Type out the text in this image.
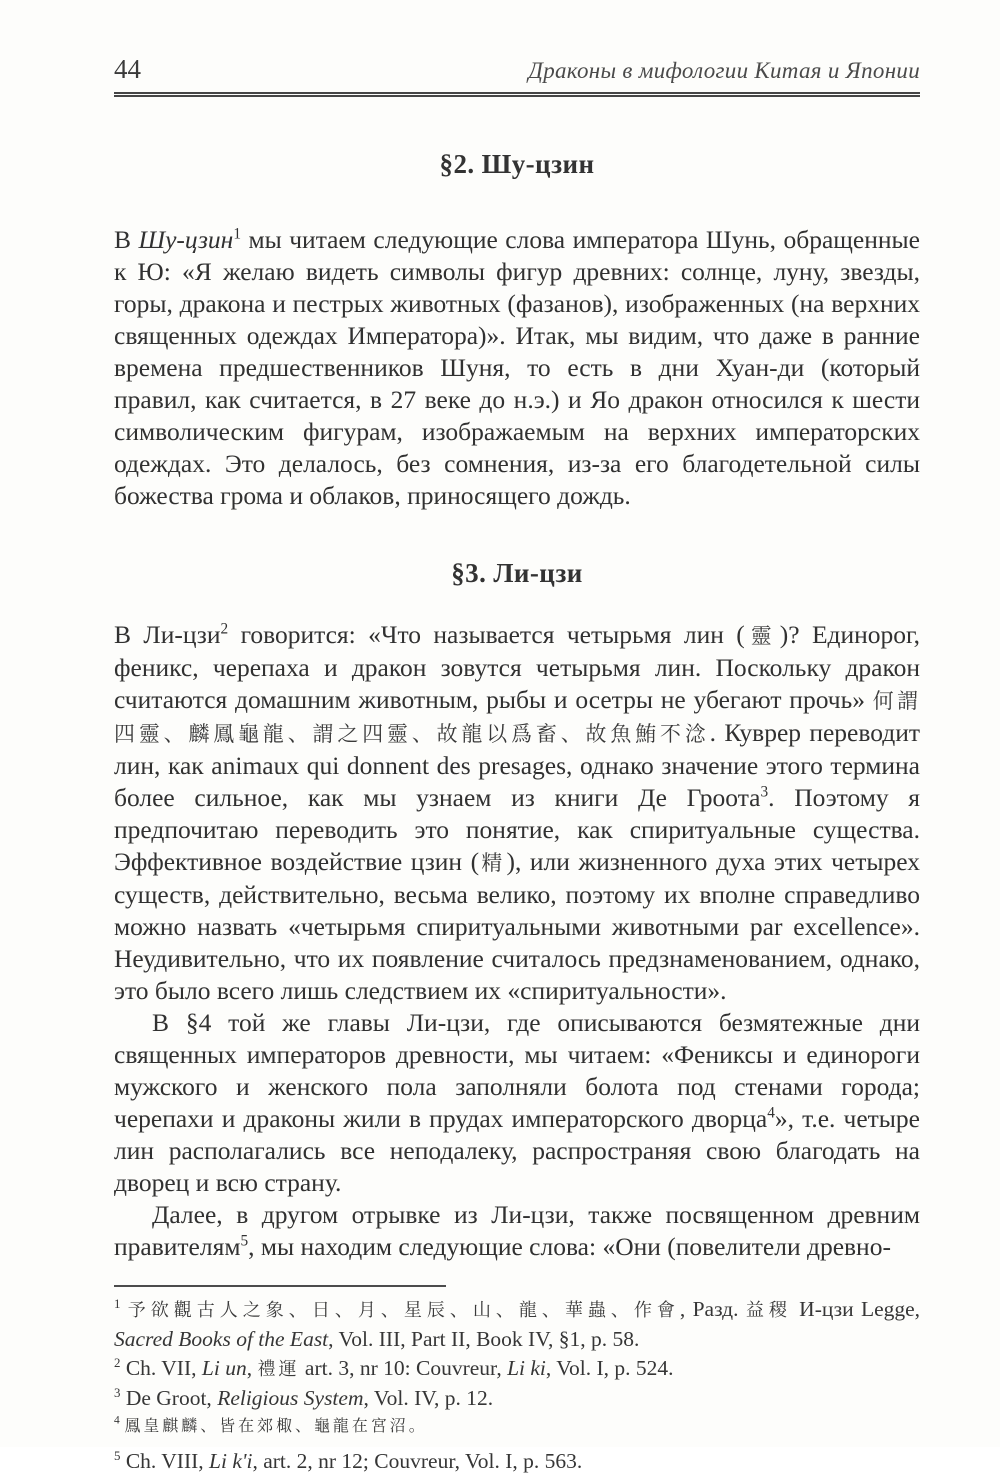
44	Драконы в мифологии Китая и Японии
§2. Шу-цзин

В Шу-цзин$^1$ мы читаем следующие слова императора Шунь, обращенные к Ю: «Я желаю видеть символы фигур древних: солнце, луну, звезды, горы, дракона и пестрых животных (фазанов), изображенных (на верхних священных одеждах Императора)». Итак, мы видим, что даже в ранние времена предшественников Шуня, то есть в дни Хуан-ди (который правил, как считается, в 27 веке до н.э.) и Яо дракон относился к шести символическим фигурам, изображаемым на верхних императорских одеждах. Это делалось, без сомнения, из-за его благодетельной силы божества грома и облаков, приносящего дождь.

§3. Ли-цзи

В Ли-цзи$^2$ говорится: «Что называется четырьмя лин (靈)? Единорог, феникс, черепаха и дракон зовутся четырьмя лин. Поскольку дракон считаются домашним животным, рыбы и осетры не убегают прочь» 何謂四靈、麟鳳龜龍、謂之四靈、故龍以爲畜、故魚鮪不淰. Куврер переводит лин, как animaux qui donnent des presages, однако значение этого термина более сильное, как мы узнаем из книги Де Гроота$^3$. Поэтому я предпочитаю переводить это понятие, как спиритуальные существа. Эффективное воздействие цзин (精), или жизненного духа этих четырех существ, действительно, весьма велико, поэтому их вполне справедливо можно назвать «четырьмя спиритуальными животными par excellence». Неудивительно, что их появление считалось предзнаменованием, однако, это было всего лишь следствием их «спиритуальности».

В §4 той же главы Ли-цзи, где описываются безмятежные дни священных императоров древности, мы читаем: «Фениксы и единороги мужского и женского пола заполняли болота под стенами города; черепахи и драконы жили в прудах императорского дворца$^4$», т.е. четыре лин располагались все неподалеку, распространяя свою благодать на дворец и всю страну.

Далее, в другом отрывке из Ли-цзи, также посвященном древним правителям$^5$, мы находим следующие слова: «Они (повелители древно-

$^1$ 予欲觀古人之象、日、月、星辰、山、龍、華蟲、作會, Разд. 益稷 И-цзи Legge, Sacred Books of the East, Vol. III, Part II, Book IV, §1, p. 58.

$^2$ Ch. VII, Li un, 禮運 art. 3, nr 10: Couvreur, Li ki, Vol. I, p. 524.

$^3$ De Groot, Religious System, Vol. IV, p. 12.

$^4$ 鳳皇麒麟、皆在郊棷、龜龍在宮沼。

$^5$ Ch. VIII, Li k'i, art. 2, nr 12; Couvreur, Vol. I, p. 563.
